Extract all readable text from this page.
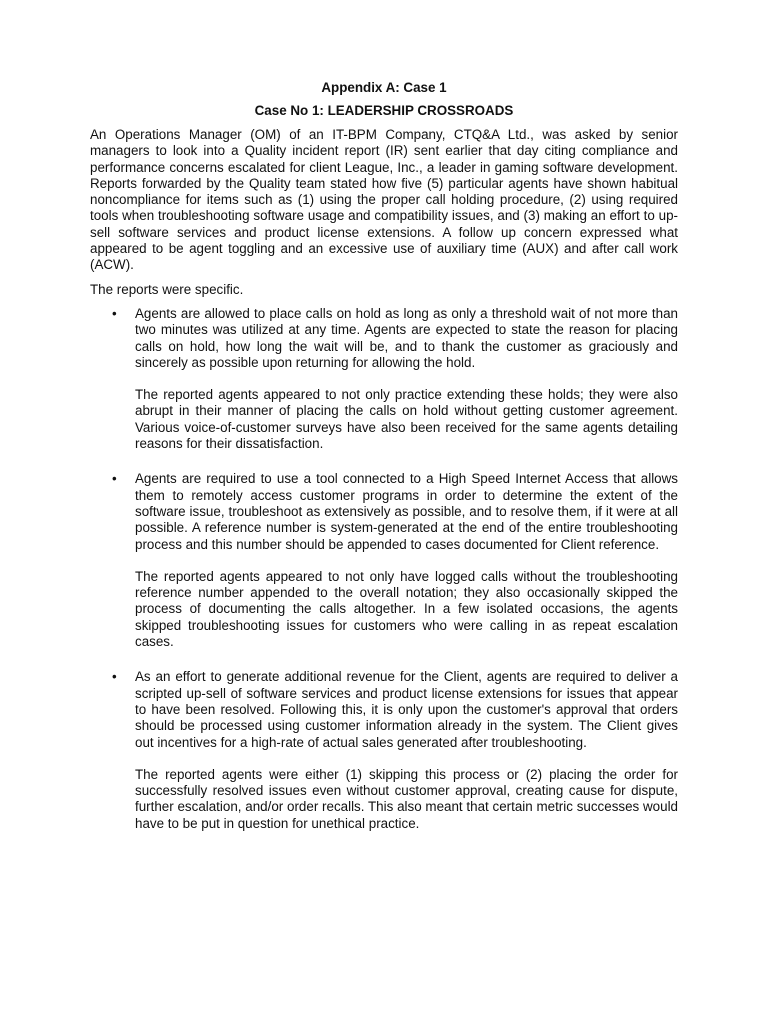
Appendix A: Case 1
Case No 1: LEADERSHIP CROSSROADS

An Operations Manager (OM) of an IT-BPM Company, CTQ&A Ltd., was asked by senior managers to look into a Quality incident report (IR) sent earlier that day citing compliance and performance concerns escalated for client League, Inc., a leader in gaming software development. Reports forwarded by the Quality team stated how five (5) particular agents have shown habitual noncompliance for items such as (1) using the proper call holding procedure, (2) using required tools when troubleshooting software usage and compatibility issues, and (3) making an effort to up-sell software services and product license extensions. A follow up concern expressed what appeared to be agent toggling and an excessive use of auxiliary time (AUX) and after call work (ACW).

The reports were specific.

• Agents are allowed to place calls on hold as long as only a threshold wait of not more than two minutes was utilized at any time. Agents are expected to state the reason for placing calls on hold, how long the wait will be, and to thank the customer as graciously and sincerely as possible upon returning for allowing the hold.

The reported agents appeared to not only practice extending these holds; they were also abrupt in their manner of placing the calls on hold without getting customer agreement. Various voice-of-customer surveys have also been received for the same agents detailing reasons for their dissatisfaction.

• Agents are required to use a tool connected to a High Speed Internet Access that allows them to remotely access customer programs in order to determine the extent of the software issue, troubleshoot as extensively as possible, and to resolve them, if it were at all possible. A reference number is system-generated at the end of the entire troubleshooting process and this number should be appended to cases documented for Client reference.

The reported agents appeared to not only have logged calls without the troubleshooting reference number appended to the overall notation; they also occasionally skipped the process of documenting the calls altogether. In a few isolated occasions, the agents skipped troubleshooting issues for customers who were calling in as repeat escalation cases.

• As an effort to generate additional revenue for the Client, agents are required to deliver a scripted up-sell of software services and product license extensions for issues that appear to have been resolved. Following this, it is only upon the customer's approval that orders should be processed using customer information already in the system. The Client gives out incentives for a high-rate of actual sales generated after troubleshooting.

The reported agents were either (1) skipping this process or (2) placing the order for successfully resolved issues even without customer approval, creating cause for dispute, further escalation, and/or order recalls. This also meant that certain metric successes would have to be put in question for unethical practice.
